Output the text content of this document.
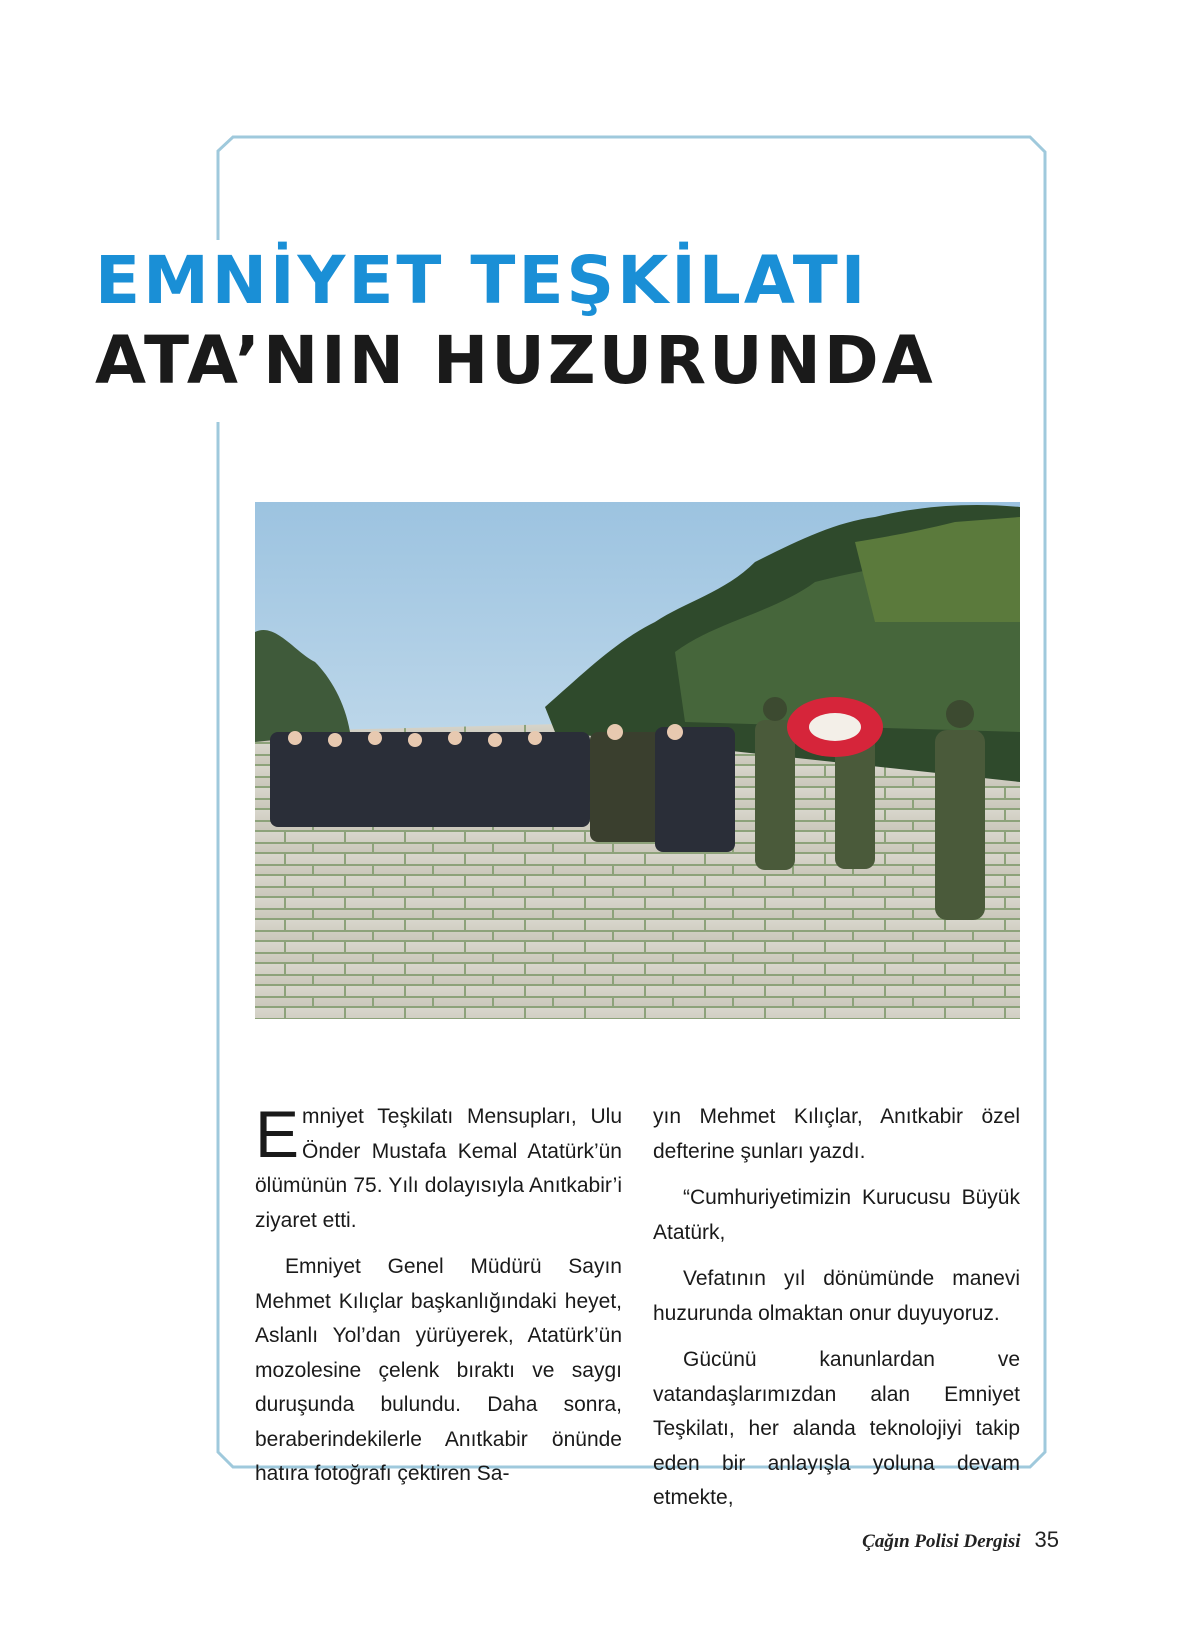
EMNİYET TEŞKİLATI
ATA’NIN HUZURUNDA

Emniyet Teşkilatı Mensupları, Ulu Önder Mustafa Kemal Atatürk’ün ölümünün 75. Yılı dolayısıyla Anıtkabir’i ziyaret etti.

Emniyet Genel Müdürü Sayın Mehmet Kılıçlar başkanlığındaki heyet, Aslanlı Yol’dan yürüyerek, Atatürk’ün mozolesine çelenk bıraktı ve saygı duruşunda bulundu. Daha sonra, beraberindekilerle Anıtkabir önünde hatıra fotoğrafı çektiren Sa-

yın Mehmet Kılıçlar, Anıtkabir özel defterine şunları yazdı.

“Cumhuriyetimizin Kurucusu Büyük Atatürk,

Vefatının yıl dönümünde manevi huzurunda olmaktan onur duyuyoruz.

Gücünü kanunlardan ve vatandaşlarımızdan alan Emniyet Teşkilatı, her alanda teknolojiyi takip eden bir anlayışla yoluna devam etmekte,

Çağın Polisi Dergisi 35
